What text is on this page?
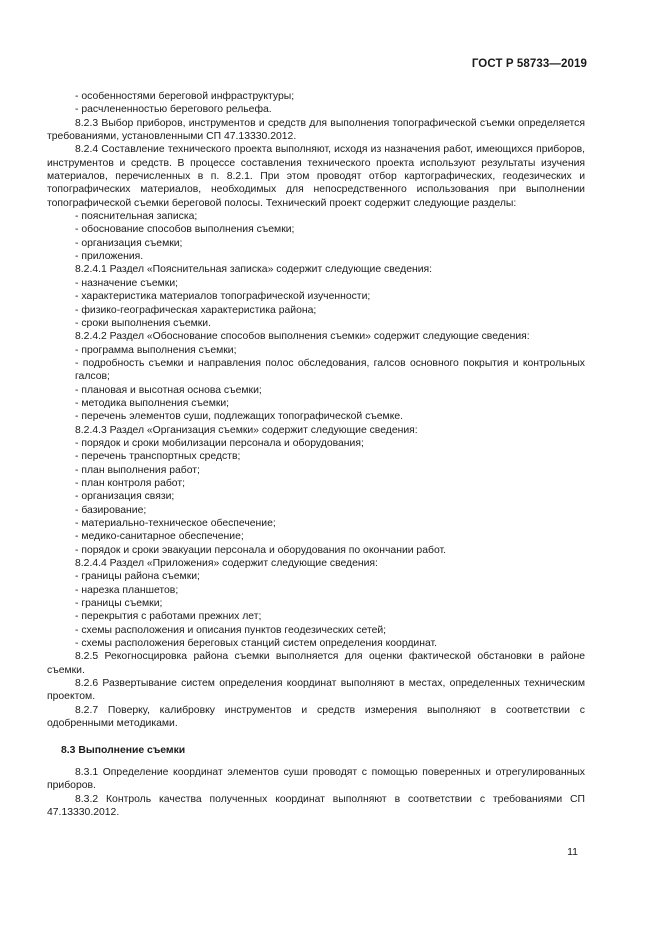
ГОСТ Р 58733—2019

- особенностями береговой инфраструктуры;

- расчлененностью берегового рельефа.

8.2.3 Выбор приборов, инструментов и средств для выполнения топографической съемки определяется требованиями, установленными СП 47.13330.2012.

8.2.4 Составление технического проекта выполняют, исходя из назначения работ, имеющихся приборов, инструментов и средств. В процессе составления технического проекта используют результаты изучения материалов, перечисленных в п. 8.2.1. При этом проводят отбор картографических, геодезических и топографических материалов, необходимых для непосредственного использования при выполнении топографической съемки береговой полосы. Технический проект содержит следующие разделы:

- пояснительная записка;

- обоснование способов выполнения съемки;

- организация съемки;

- приложения.

8.2.4.1 Раздел «Пояснительная записка» содержит следующие сведения:

- назначение съемки;

- характеристика материалов топографической изученности;

- физико-географическая характеристика района;

- сроки выполнения съемки.

8.2.4.2 Раздел «Обоснование способов выполнения съемки» содержит следующие сведения:

- программа выполнения съемки;

- подробность съемки и направления полос обследования, галсов основного покрытия и контрольных галсов;

- плановая и высотная основа съемки;

- методика выполнения съемки;

- перечень элементов суши, подлежащих топографической съемке.

8.2.4.3 Раздел «Организация съемки» содержит следующие сведения:

- порядок и сроки мобилизации персонала и оборудования;

- перечень транспортных средств;

- план выполнения работ;

- план контроля работ;

- организация связи;

- базирование;

- материально-техническое обеспечение;

- медико-санитарное обеспечение;

- порядок и сроки эвакуации персонала и оборудования по окончании работ.

8.2.4.4 Раздел «Приложения» содержит следующие сведения:

- границы района съемки;

- нарезка планшетов;

- границы съемки;

- перекрытия с работами прежних лет;

- схемы расположения и описания пунктов геодезических сетей;

- схемы расположения береговых станций систем определения координат.

8.2.5 Рекогносцировка района съемки выполняется для оценки фактической обстановки в районе съемки.

8.2.6 Развертывание систем определения координат выполняют в местах, определенных техническим проектом.

8.2.7 Поверку, калибровку инструментов и средств измерения выполняют в соответствии с одобренными методиками.

8.3 Выполнение съемки

8.3.1 Определение координат элементов суши проводят с помощью поверенных и отрегулированных приборов.

8.3.2 Контроль качества полученных координат выполняют в соответствии с требованиями СП 47.13330.2012.

11
